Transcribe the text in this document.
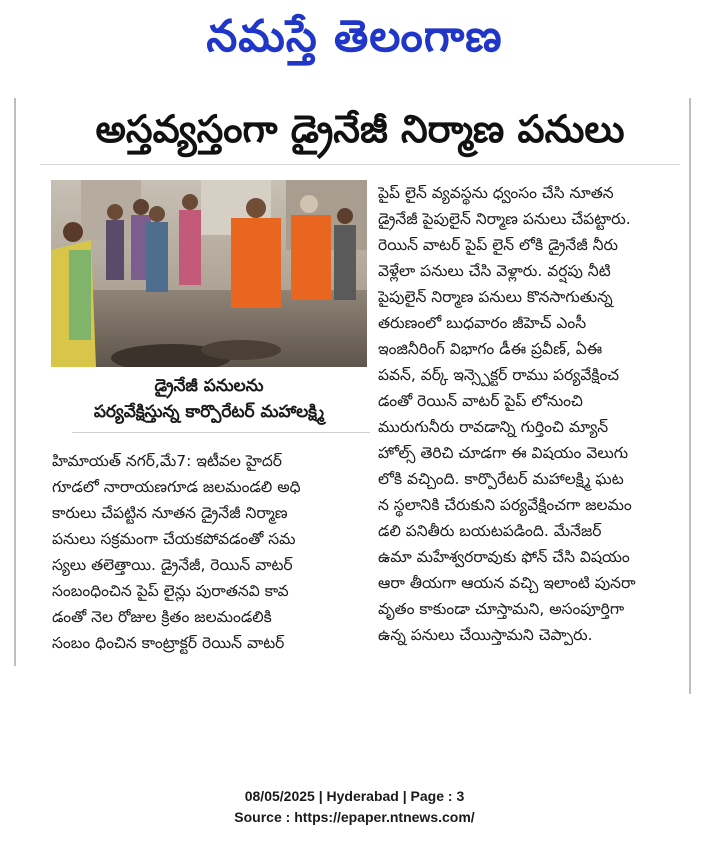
నమస్తే తెలంగాణ
అస్తవ్యస్తంగా డ్రైనేజీ నిర్మాణ పనులు
డ్రైనేజీ పనులను
పర్యవేక్షిస్తున్న కార్పొరేటర్ మహాలక్ష్మి
హిమాయత్ నగర్,మే7: ఇటీవల హైదర్
గూడలో నారాయణగూడ జలమండలి అధి
కారులు చేపట్టిన నూతన డ్రైనేజీ నిర్మాణ
పనులు సక్రమంగా చేయకపోవడంతో సమ
స్యలు తలెత్తాయి. డ్రైనేజీ, రెయిన్ వాటర్
సంబంధించిన పైప్ లైన్లు పురాతనవి కావ
డంతో నెల రోజుల క్రితం జలమండలికి
సంబం ధించిన కాంట్రాక్టర్ రెయిన్ వాటర్
పైప్ లైన్ వ్యవస్థను ధ్వంసం చేసి నూతన
డ్రైనేజీ పైపులైన్ నిర్మాణ పనులు చేపట్టారు.
రెయిన్ వాటర్ పైప్ లైన్ లోకి డ్రైనేజీ నీరు
వెళ్లేలా పనులు చేసి వెళ్లారు. వర్షపు నీటి
పైపులైన్ నిర్మాణ పనులు కొనసాగుతున్న
తరుణంలో బుధవారం జీహెచ్ ఎంసీ
ఇంజినీరింగ్ విభాగం డీఈ ప్రవీణ్, ఏఈ
పవన్, వర్క్ ఇన్స్పెక్టర్ రాము పర్యవేక్షించ
డంతో రెయిన్ వాటర్ పైప్ లోనుంచి
మురుగునీరు రావడాన్ని గుర్తించి మ్యాన్
హోల్స్ తెరిచి చూడగా ఈ విషయం వెలుగు
లోకి వచ్చింది. కార్పొరేటర్ మహాలక్ష్మి ఘట
న స్థలానికి చేరుకుని పర్యవేక్షించగా జలమం
డలి పనితీరు బయటపడింది. మేనేజర్
ఉమా మహేశ్వరరావుకు ఫోన్ చేసి విషయం
ఆరా తీయగా ఆయన వచ్చి ఇలాంటి పునరా
వృతం కాకుండా చూస్తామని, అసంపూర్తిగా
ఉన్న పనులు చేయిస్తామని చెప్పారు.
08/05/2025 | Hyderabad | Page : 3
Source : https://epaper.ntnews.com/
